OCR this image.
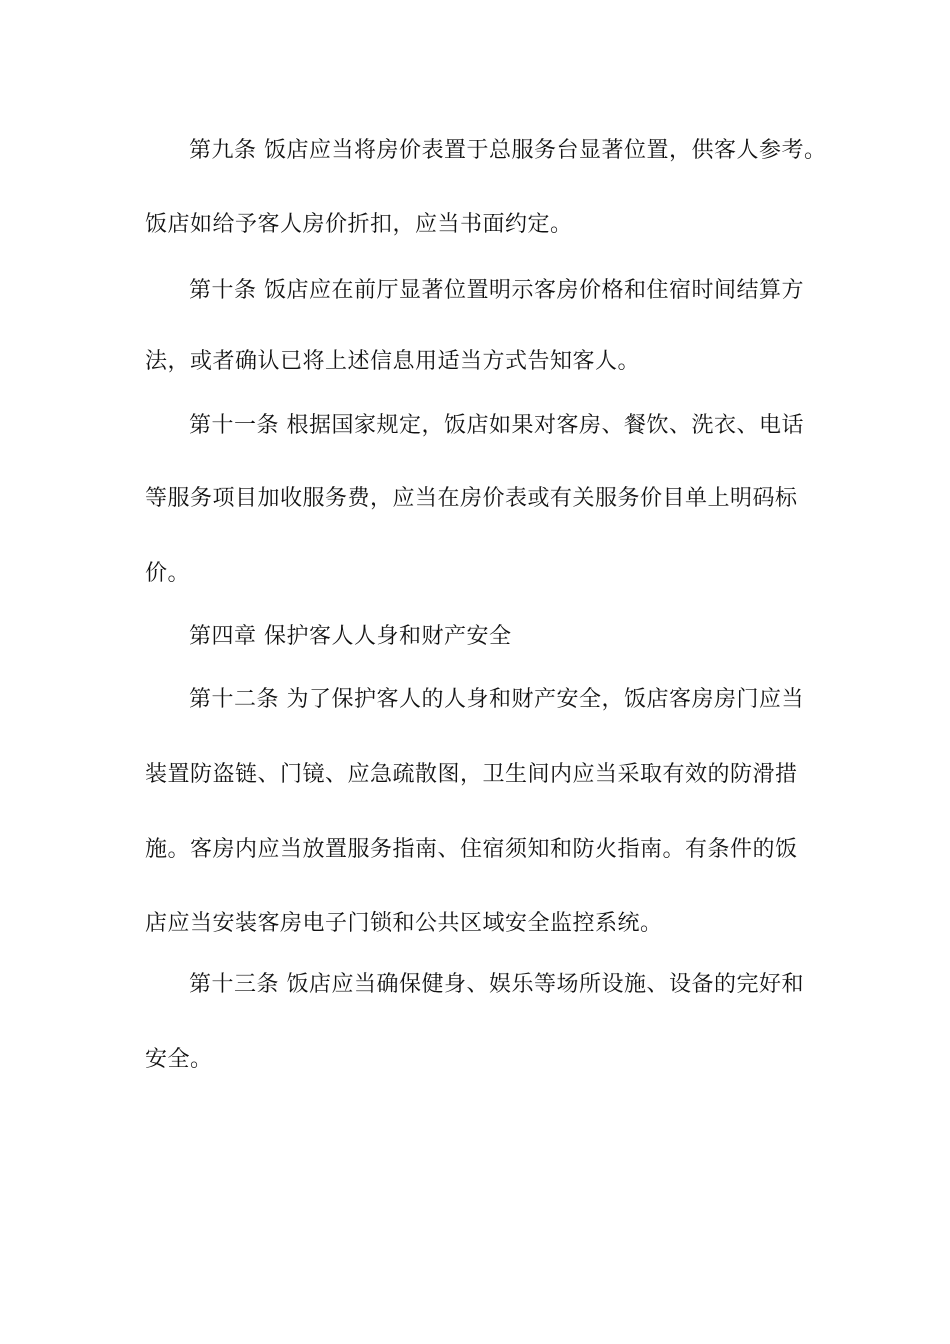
第九条 饭店应当将房价表置于总服务台显著位置，供客人参考。
饭店如给予客人房价折扣，应当书面约定。
第十条 饭店应在前厅显著位置明示客房价格和住宿时间结算方
法，或者确认已将上述信息用适当方式告知客人。
第十一条 根据国家规定，饭店如果对客房、餐饮、洗衣、电话
等服务项目加收服务费，应当在房价表或有关服务价目单上明码标
价。
第四章 保护客人人身和财产安全
第十二条 为了保护客人的人身和财产安全，饭店客房房门应当
装置防盗链、门镜、应急疏散图，卫生间内应当采取有效的防滑措
施。客房内应当放置服务指南、住宿须知和防火指南。有条件的饭
店应当安装客房电子门锁和公共区域安全监控系统。
第十三条 饭店应当确保健身、娱乐等场所设施、设备的完好和
安全。
